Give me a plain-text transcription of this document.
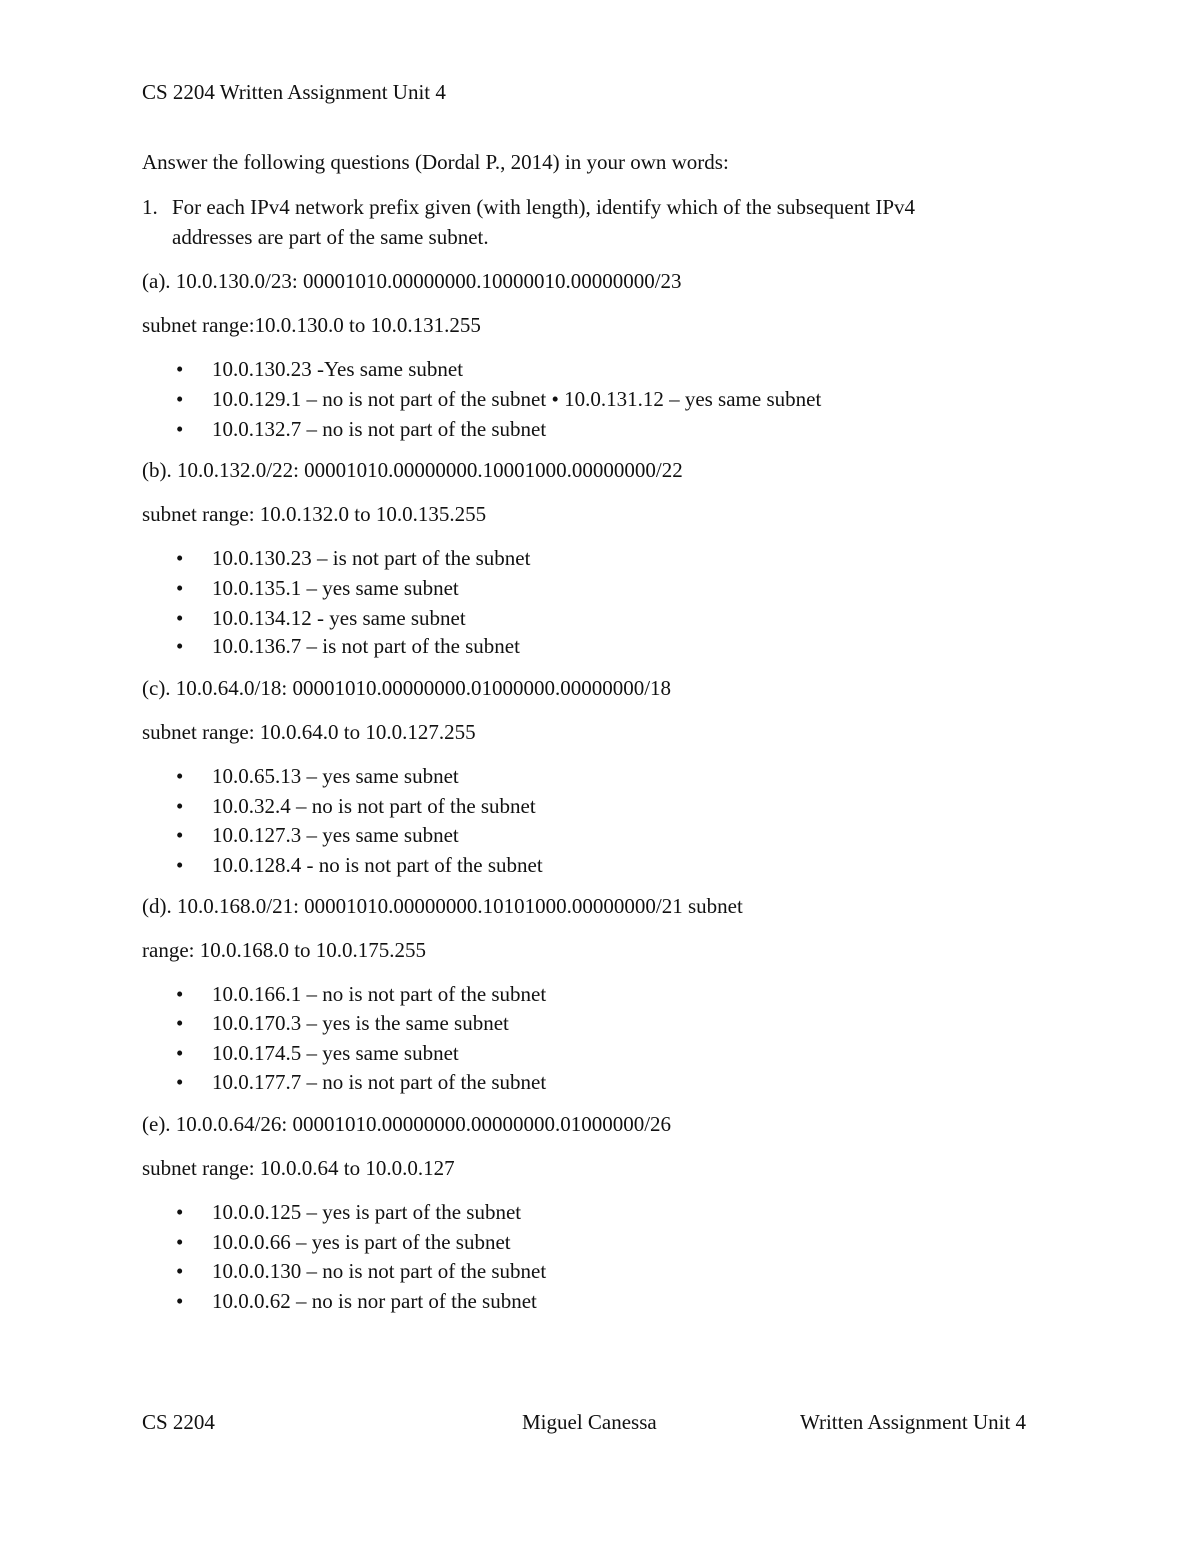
CS 2204 Written Assignment Unit 4
Answer the following questions (Dordal P., 2014) in your own words:
1. For each IPv4 network prefix given (with length), identify which of the subsequent IPv4
addresses are part of the same subnet.
(a). 10.0.130.0/23: 00001010.00000000.10000010.00000000/23
subnet range:10.0.130.0 to 10.0.131.255
• 10.0.130.23 -Yes same subnet
• 10.0.129.1 – no is not part of the subnet • 10.0.131.12 – yes same subnet
• 10.0.132.7 – no is not part of the subnet
(b). 10.0.132.0/22: 00001010.00000000.10001000.00000000/22
subnet range: 10.0.132.0 to 10.0.135.255
• 10.0.130.23 – is not part of the subnet
• 10.0.135.1 – yes same subnet
• 10.0.134.12 - yes same subnet
• 10.0.136.7 – is not part of the subnet
(c). 10.0.64.0/18: 00001010.00000000.01000000.00000000/18
subnet range: 10.0.64.0 to 10.0.127.255
• 10.0.65.13 – yes same subnet
• 10.0.32.4 – no is not part of the subnet
• 10.0.127.3 – yes same subnet
• 10.0.128.4 - no is not part of the subnet
(d). 10.0.168.0/21: 00001010.00000000.10101000.00000000/21 subnet
range: 10.0.168.0 to 10.0.175.255
• 10.0.166.1 – no is not part of the subnet
• 10.0.170.3 – yes is the same subnet
• 10.0.174.5 – yes same subnet
• 10.0.177.7 – no is not part of the subnet
(e). 10.0.0.64/26: 00001010.00000000.00000000.01000000/26
subnet range: 10.0.0.64 to 10.0.0.127
• 10.0.0.125 – yes is part of the subnet
• 10.0.0.66 – yes is part of the subnet
• 10.0.0.130 – no is not part of the subnet
• 10.0.0.62 – no is nor part of the subnet
CS 2204	Miguel Canessa	Written Assignment Unit 4
